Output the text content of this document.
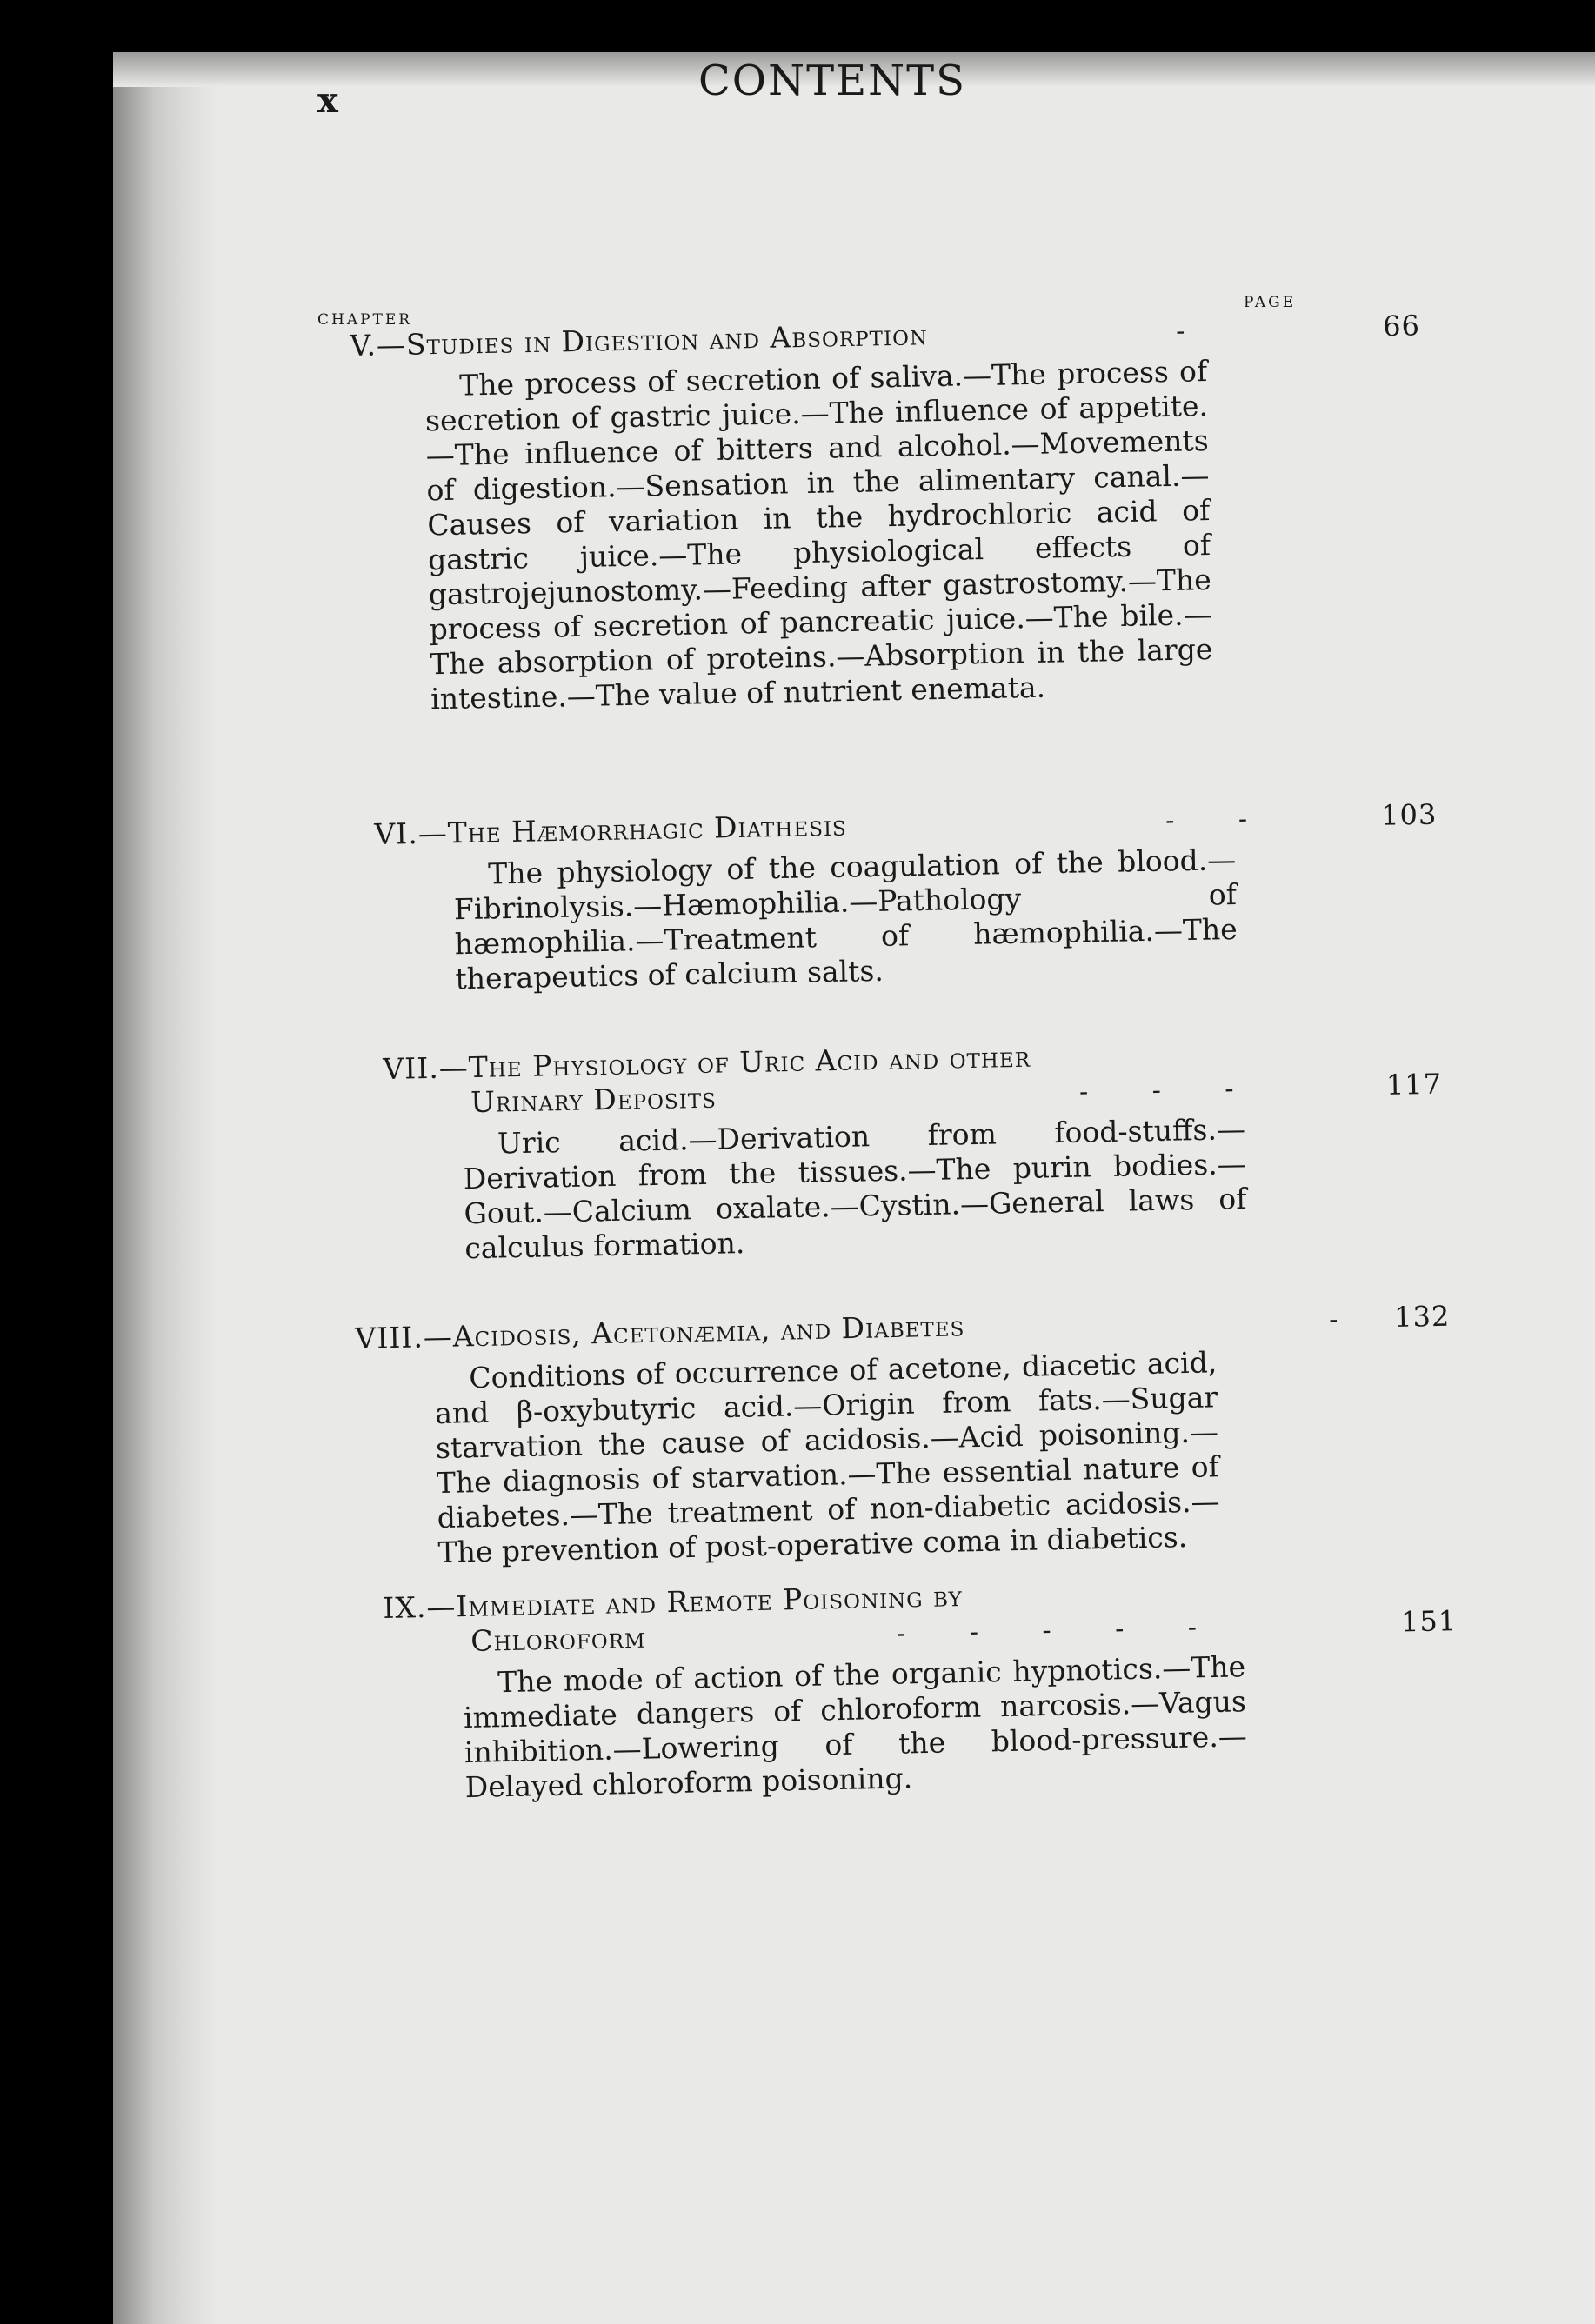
x	CONTENTS
CHAPTER
PAGE
V.—Studies in Digestion and Absorption	-	66
The process of secretion of saliva.—The process of secretion of gastric juice.—The influence of appetite.—The influence of bitters and alcohol.—Movements of digestion.—Sensation in the alimentary canal.—Causes of variation in the hydrochloric acid of gastric juice.—The physiological effects of gastrojejunostomy.—Feeding after gastrostomy.—The process of secretion of pancreatic juice.—The bile.—The absorption of proteins.—Absorption in the large intestine.—The value of nutrient enemata.
VI.—The Hæmorrhagic Diathesis	- -	103
The physiology of the coagulation of the blood.—Fibrinolysis.—Hæmophilia.—Pathology of hæmophilia.—Treatment of hæmophilia.—The therapeutics of calcium salts.
VII.—The Physiology of Uric Acid and other
Urinary Deposits	- - -	117
Uric acid.—Derivation from food-stuffs.—Derivation from the tissues.—The purin bodies.—Gout.—Calcium oxalate.—Cystin.—General laws of calculus formation.
VIII.—Acidosis, Acetonæmia, and Diabetes	- 132
Conditions of occurrence of acetone, diacetic acid, and β-oxybutyric acid.—Origin from fats.—Sugar starvation the cause of acidosis.—Acid poisoning.—The diagnosis of starvation.—The essential nature of diabetes.—The treatment of non-diabetic acidosis.—The prevention of post-operative coma in diabetics.
IX.—Immediate and Remote Poisoning by
Chloroform	- - - - -	151
The mode of action of the organic hypnotics.—The immediate dangers of chloroform narcosis.—Vagus inhibition.—Lowering of the blood-pressure.—Delayed chloroform poisoning.
